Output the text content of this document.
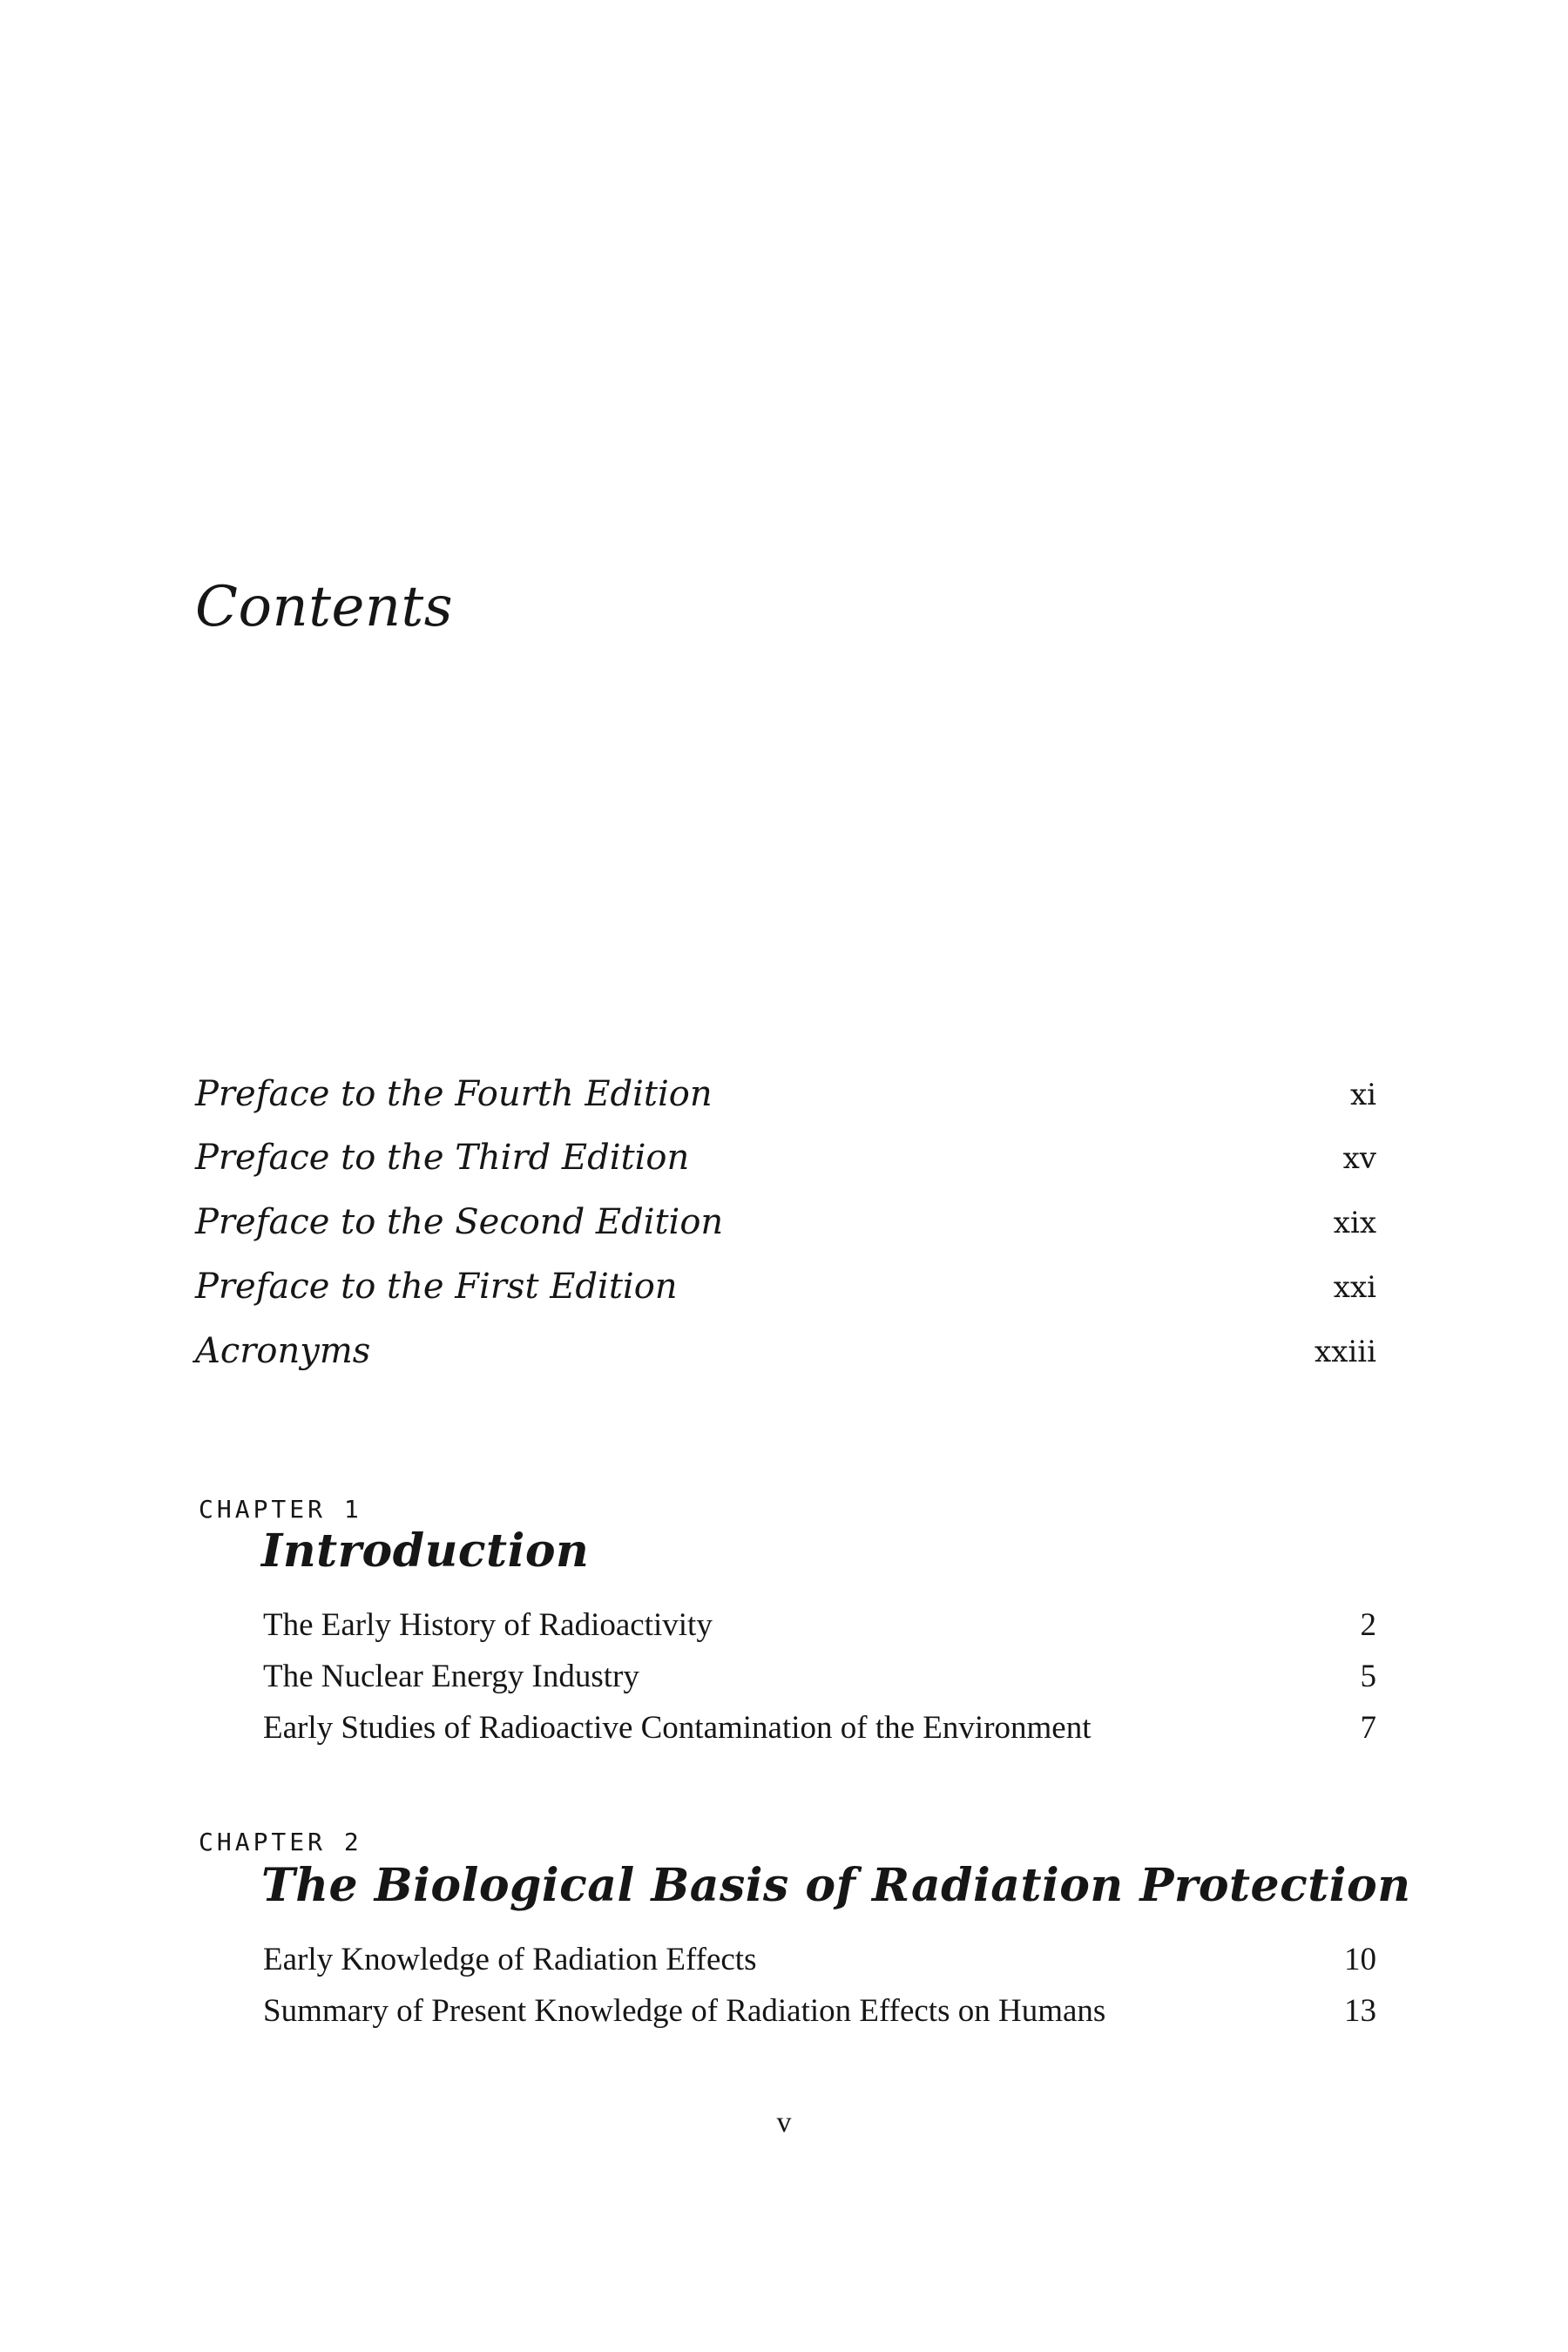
Contents
Preface to the Fourth Edition	xi
Preface to the Third Edition	xv
Preface to the Second Edition	xix
Preface to the First Edition	xxi
Acronyms	xxiii
CHAPTER 1
Introduction
The Early History of Radioactivity	2
The Nuclear Energy Industry	5
Early Studies of Radioactive Contamination of the Environment	7
CHAPTER 2
The Biological Basis of Radiation Protection
Early Knowledge of Radiation Effects	10
Summary of Present Knowledge of Radiation Effects on Humans	13
v
